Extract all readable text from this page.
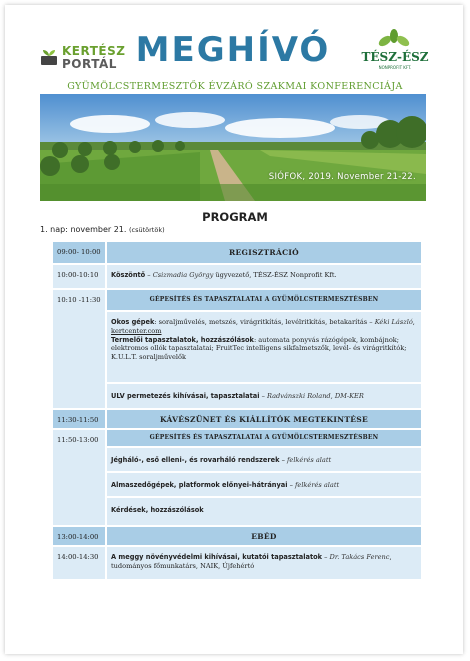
KERTÉSZ
PORTÁL MEGHÍVÓ	TÉSZ-ÉSZ
NONPROFIT KFT.
GYÜMÖLCSTERMESZTŐK ÉVZÁRÓ SZAKMAI KONFERENCIÁJA
SIÓFOK, 2019. November 21-22.
PROGRAM
1. nap: november 21. (csütörtök)
09:00- 10:00	REGISZTRÁCIÓ
10:00-10:10	Köszöntő – Csizmadia György ügyvezető, TÉSZ-ÉSZ Nonprofit Kft.
10:10 -11:30	GÉPESÍTÉS ÉS TAPASZTALATAI A GYÜMÖLCSTERMESZTÉSBEN
Okos gépek: soraljművelés, metszés, virágritkítás, levélritkítás, betakarítás – Kéki László, kertcenter.com
Termelői tapasztalatok, hozzászólások: automata ponyvás rázógépek, kombájnok; elektromos ollók tapasztalatai; FruitTec intelligens sikfalmetszők, levél- és virágritkítók; K.U.L.T. soraljművelők
ULV permetezés kihívásai, tapasztalatai – Radvánszki Roland, DM-KER
11:30-11:50	KÁVÉSZÜNET ÉS KIÁLLÍTÓK MEGTEKINTÉSE
11:50-13:00	GÉPESÍTÉS ÉS TAPASZTALATAI A GYÜMÖLCSTERMESZTÉSBEN
Jégháló-, eső elleni-, és rovarháló rendszerek – felkérés alatt
Almaszedőgépek, platformok előnyei-hátrányai – felkérés alatt
Kérdések, hozzászólások
13:00-14:00	EBÉD
14:00-14:30	A meggy növényvédelmi kihívásai, kutatói tapasztalatok – Dr. Takács Ferenc, tudományos főmunkatárs, NAIK, Újfehértó
